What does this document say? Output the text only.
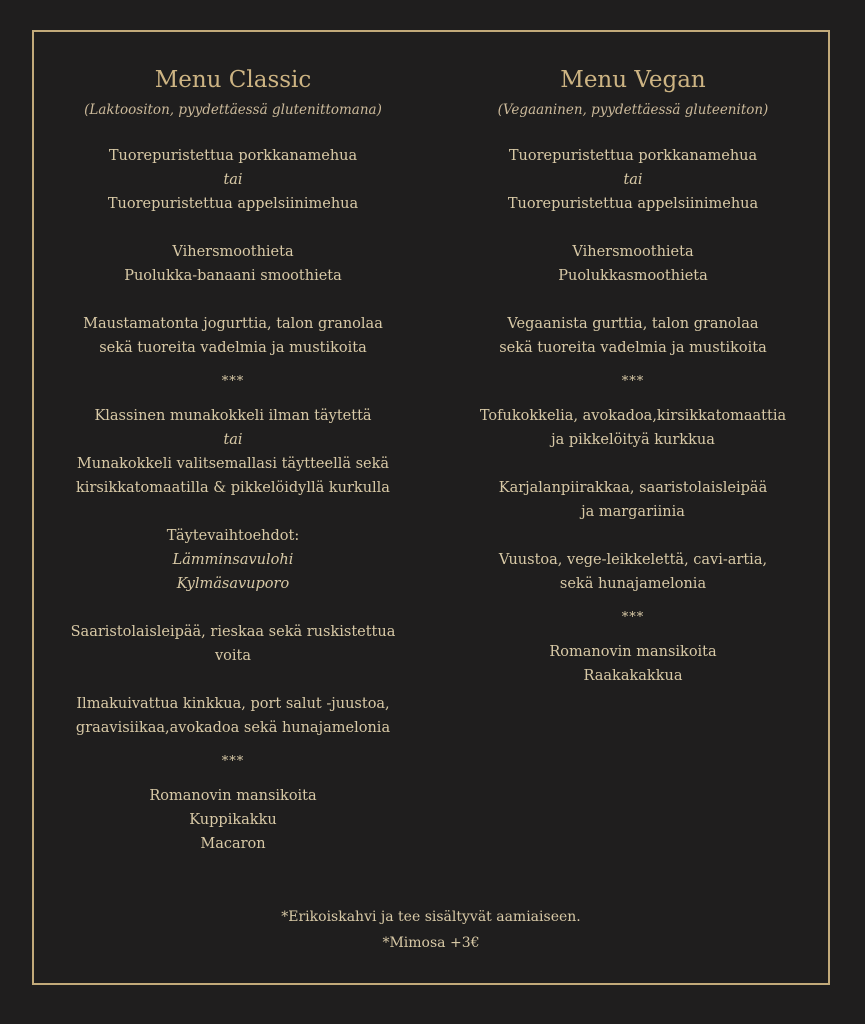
Menu Classic
(Laktoositon, pyydettäessä glutenittomana)
Tuorepuristettua porkkanamehua
tai
Tuorepuristettua appelsiinimehua
Vihersmoothieta
Puolukka-banaani smoothieta
Maustamatonta jogurttia, talon granolaa
sekä tuoreita vadelmia ja mustikoita
***
Klassinen munakokkeli ilman täytettä
tai
Munakokkeli valitsemallasi täytteellä sekä
kirsikkatomaatilla & pikkelöidyllä kurkulla
Täytevaihtoehdot:
Lämminsavulohi
Kylmäsavuporo
Saaristolaisleipää, rieskaa sekä ruskistettua voita
Ilmakuivattua kinkkua, port salut -juustoa,
graavisiikaa,avokadoa sekä hunajamelonia
***
Romanovin mansikoita
Kuppikakku
Macaron
Menu Vegan
(Vegaaninen, pyydettäessä gluteeniton)
Tuorepuristettua porkkanamehua
tai
Tuorepuristettua appelsiinimehua
Vihersmoothieta
Puolukkasmoothieta
Vegaanista gurttia, talon granolaa
sekä tuoreita vadelmia ja mustikoita
***
Tofukokkelia, avokadoa,kirsikkatomaattia
ja pikkelöityä kurkkua
Karjalanpiirakkaa, saaristolaisleipää
ja margariinia
Vuustoa, vege-leikkelettä, cavi-artia,
sekä hunajamelonia
***
Romanovin mansikoita
Raakakakkua
*Erikoiskahvi ja tee sisältyvät aamiaiseen.
*Mimosa +3€
